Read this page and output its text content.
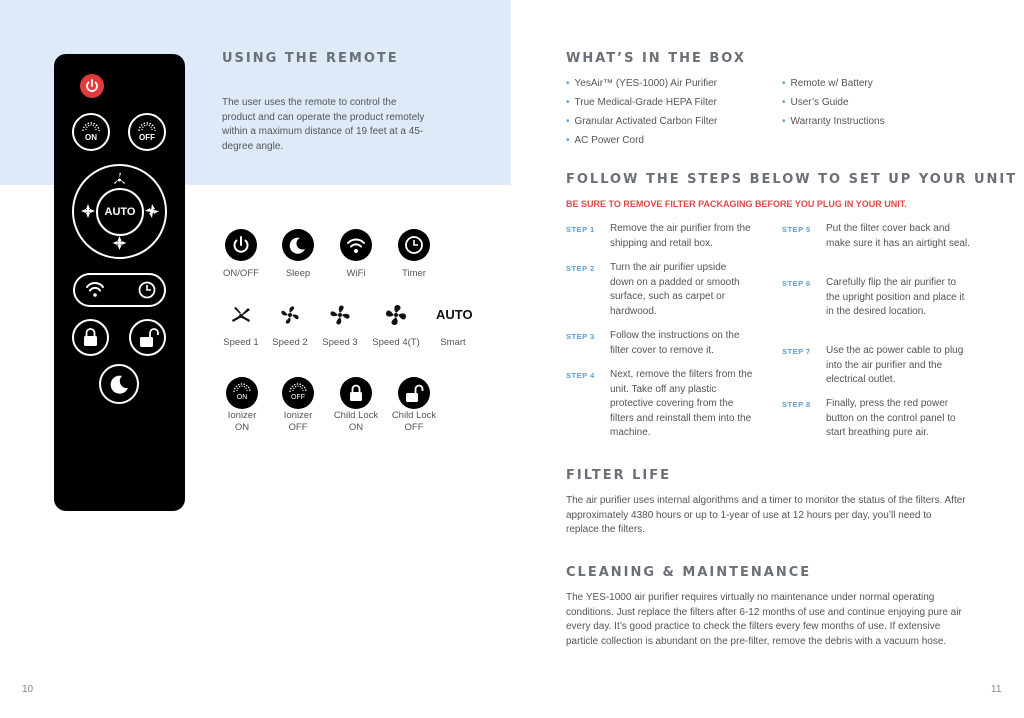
ON	OFF
AUTO
USING THE REMOTE
The user uses the remote to control the product and can operate the product remotely within a maximum distance of 19 feet at a 45-degree angle.
ON/OFF	Sleep	WiFi	Timer
AUTO
Speed 1	Speed 2	Speed 3	Speed 4(T)	Smart
ON	OFF
Ionizer
ON
Ionizer
OFF
Child Lock
ON
Child Lock
OFF
10
WHAT’S IN THE BOX
• YesAir™ (YES-1000) Air Purifier
• True Medical-Grade HEPA Filter
• Granular Activated Carbon Filter
• AC Power Cord
• Remote w/ Battery
• User’s Guide
• Warranty Instructions
FOLLOW THE STEPS BELOW TO SET UP YOUR UNIT
BE SURE TO REMOVE FILTER PACKAGING BEFORE YOU PLUG IN YOUR UNIT.
STEP 1 Remove the air purifier from the shipping and retail box.
STEP 2 Turn the air purifier upside down on a padded or smooth surface, such as carpet or hardwood.
STEP 3 Follow the instructions on the filter cover to remove it.
STEP 4 Next, remove the filters from the unit. Take off any plastic protective covering from the filters and reinstall them into the machine.
STEP 5 Put the filter cover back and make sure it has an airtight seal.
STEP 6 Carefully flip the air purifier to the upright position and place it in the desired location.
STEP 7 Use the ac power cable to plug into the air purifier and the electrical outlet.
STEP 8 Finally, press the red power button on the control panel to start breathing pure air.
FILTER LIFE
The air purifier uses internal algorithms and a timer to monitor the status of the filters. After approximately 4380 hours or up to 1-year of use at 12 hours per day, you’ll need to replace the filters.
CLEANING & MAINTENANCE
The YES-1000 air purifier requires virtually no maintenance under normal operating conditions. Just replace the filters after 6-12 months of use and continue enjoying pure air every day. It’s good practice to check the filters every few months of use. If extensive particle collection is abundant on the pre-filter, remove the debris with a vacuum hose.
11
